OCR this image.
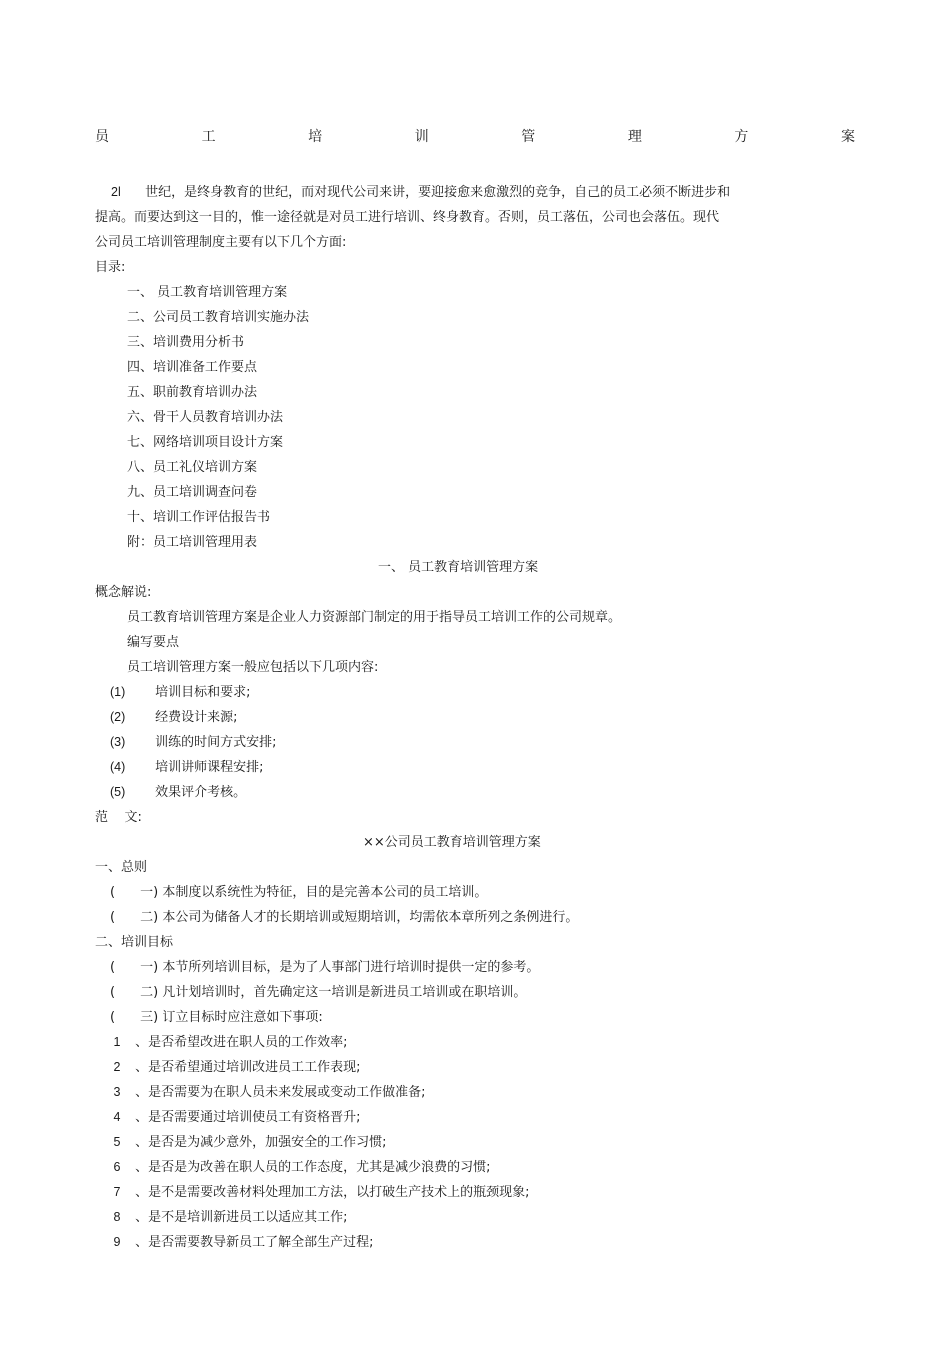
员	工	培	训	管	理	方	案
2l 世纪，是终身教育的世纪，而对现代公司来讲，要迎接愈来愈激烈的竞争，自己的员工必须不断进步和
提高。而要达到这一目的，惟一途径就是对员工进行培训、终身教育。否则，员工落伍，公司也会落伍。现代
公司员工培训管理制度主要有以下几个方面:
目录:
一、 员工教育培训管理方案
二、公司员工教育培训实施办法
三、培训费用分析书
四、培训准备工作要点
五、职前教育培训办法
六、骨干人员教育培训办法
七、网络培训项目设计方案
八、员工礼仪培训方案
九、员工培训调查问卷
十、培训工作评估报告书
附：员工培训管理用表
一、 员工教育培训管理方案
概念解说:
员工教育培训管理方案是企业人力资源部门制定的用于指导员工培训工作的公司规章。
编写要点
员工培训管理方案一般应包括以下几项内容:
(1) 培训目标和要求;
(2) 经费设计来源;
(3) 训练的时间方式安排;
(4) 培训讲师课程安排;
(5) 效果评介考核。
范    文:
××公司员工教育培训管理方案
一、总则
( 一) 本制度以系统性为特征，目的是完善本公司的员工培训。
( 二) 本公司为储备人才的长期培训或短期培训，均需依本章所列之条例进行。
二、培训目标
( 一) 本节所列培训目标，是为了人事部门进行培训时提供一定的参考。
( 二) 凡计划培训时，首先确定这一培训是新进员工培训或在职培训。
( 三) 订立目标时应注意如下事项:
1 、是否希望改进在职人员的工作效率;
2 、是否希望通过培训改进员工工作表现;
3 、是否需要为在职人员未来发展或变动工作做准备;
4 、是否需要通过培训使员工有资格晋升;
5 、是否是为减少意外，加强安全的工作习惯;
6 、是否是为改善在职人员的工作态度，尤其是减少浪费的习惯;
7 、是不是需要改善材料处理加工方法，以打破生产技术上的瓶颈现象;
8 、是不是培训新进员工以适应其工作;
9 、是否需要教导新员工了解全部生产过程;
